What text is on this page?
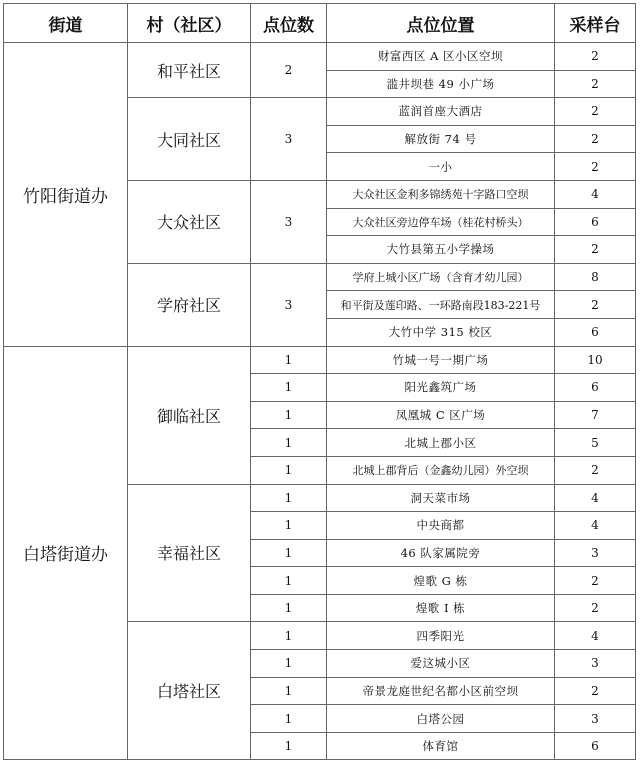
街道	村（社区）	点位数	点位位置	采样台
竹阳街道办	和平社区	2	财富西区 A 区小区空坝	2
			滥井坝巷 49 小广场	2
	大同社区	3	蓝润首座大酒店	2
			解放街 74 号	2
			一小	2
	大众社区	3	大众社区金利多锦绣苑十字路口空坝	4
			大众社区旁边停车场（桂花村桥头）	6
			大竹县第五小学操场	2
	学府社区	3	学府上城小区广场（含育才幼儿园）	8
			和平街及莲印路、一环路南段183-221号	2
			大竹中学 315 校区	6
白塔街道办	御临社区	1	竹城一号一期广场	10
		1	阳光鑫筑广场	6
		1	凤凰城 C 区广场	7
		1	北城上郡小区	5
		1	北城上郡背后（金鑫幼儿园）外空坝	2
	幸福社区	1	洞天菜市场	4
		1	中央商都	4
		1	46 队家属院旁	3
		1	煌歌 G 栋	2
		1	煌歌 I 栋	2
	白塔社区	1	四季阳光	4
		1	爱这城小区	3
		1	帝景龙庭世纪名都小区前空坝	2
		1	白塔公园	3
		1	体育馆	6
